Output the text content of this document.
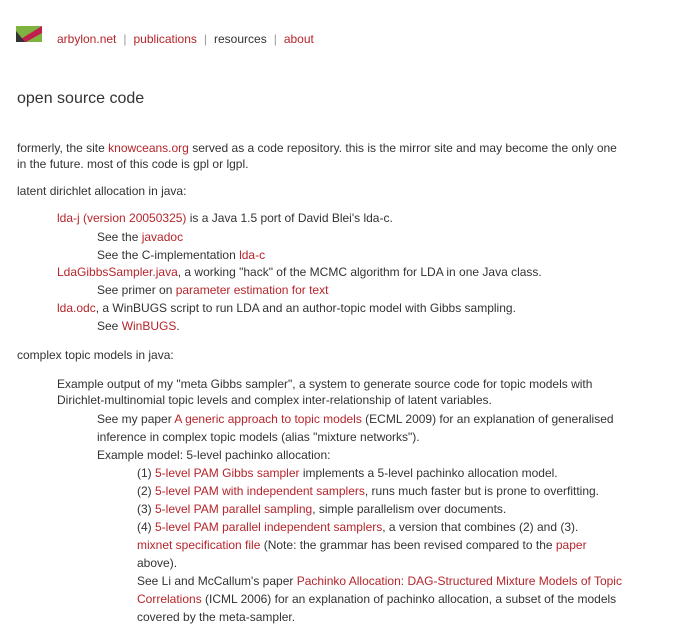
arbylon.net | publications | resources | about
open source code
formerly, the site knowceans.org served as a code repository. this is the mirror site and may become the only one
in the future. most of this code is gpl or lgpl.
latent dirichlet allocation in java:
lda-j (version 20050325) is a Java 1.5 port of David Blei's lda-c.
See the javadoc
See the C-implementation lda-c
LdaGibbsSampler.java, a working "hack" of the MCMC algorithm for LDA in one Java class.
See primer on parameter estimation for text
lda.odc, a WinBUGS script to run LDA and an author-topic model with Gibbs sampling.
See WinBUGS.
complex topic models in java:
Example output of my "meta Gibbs sampler", a system to generate source code for topic models with
Dirichlet-multinomial topic levels and complex inter-relationship of latent variables.
See my paper A generic approach to topic models (ECML 2009) for an explanation of generalised
inference in complex topic models (alias "mixture networks").
Example model: 5-level pachinko allocation:
(1) 5-level PAM Gibbs sampler implements a 5-level pachinko allocation model.
(2) 5-level PAM with independent samplers, runs much faster but is prone to overfitting.
(3) 5-level PAM parallel sampling, simple parallelism over documents.
(4) 5-level PAM parallel independent samplers, a version that combines (2) and (3).
mixnet specification file (Note: the grammar has been revised compared to the paper
above).
See Li and McCallum's paper Pachinko Allocation: DAG-Structured Mixture Models of Topic
Correlations (ICML 2006) for an explanation of pachinko allocation, a subset of the models
covered by the meta-sampler.
